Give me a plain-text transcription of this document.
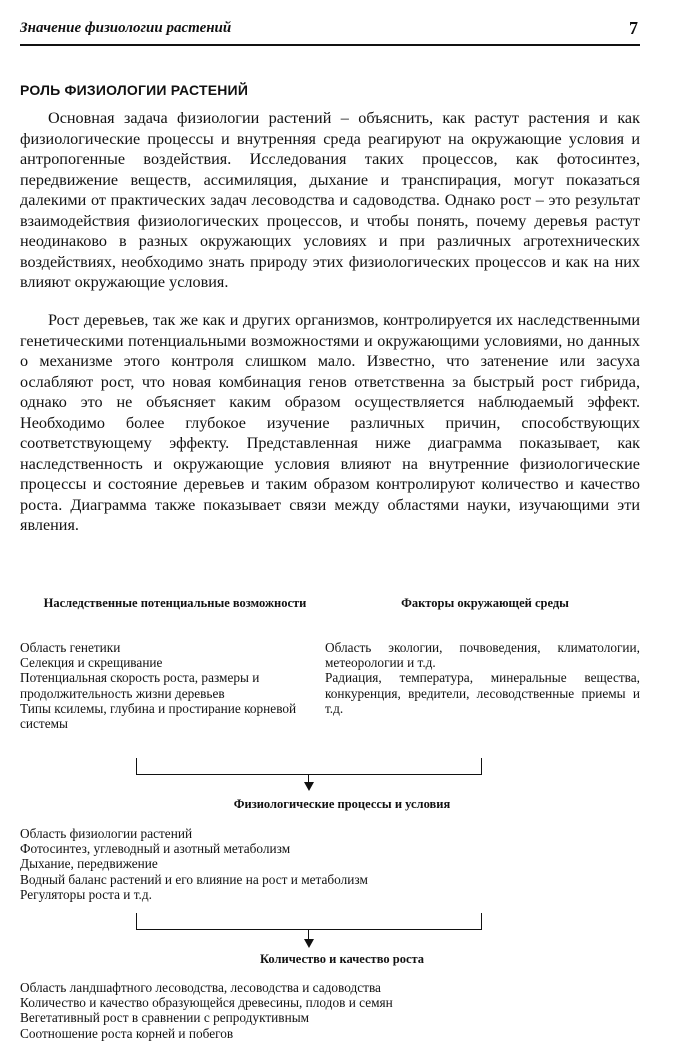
Значение физиологии растений	7
РОЛЬ ФИЗИОЛОГИИ РАСТЕНИЙ

Основная задача физиологии растений – объяснить, как растут растения и как физиологические процессы и внутренняя среда реагируют на окружающие условия и антропогенные воздействия. Исследования таких процессов, как фотосинтез, передвижение веществ, ассимиляция, дыхание и транспирация, могут показаться далекими от практических задач лесоводства и садоводства. Однако рост – это результат взаимодействия физиологических процессов, и чтобы понять, почему деревья растут неодинаково в разных окружающих условиях и при различных агротехнических воздействиях, необходимо знать природу этих физиологических процессов и как на них влияют окружающие условия.

Рост деревьев, так же как и других организмов, контролируется их наследственными генетическими потенциальными возможностями и окружающими условиями, но данных о механизме этого контроля слишком мало. Известно, что затенение или засуха ослабляют рост, что новая комбинация генов ответственна за быстрый рост гибрида, однако это не объясняет каким образом осуществляется наблюдаемый эффект. Необходимо более глубокое изучение различных причин, способствующих соответствующему эффекту. Представленная ниже диаграмма показывает, как наследственность и окружающие условия влияют на внутренние физиологические процессы и состояние деревьев и таким образом контролируют количество и качество роста. Диаграмма также показывает связи между областями науки, изучающими эти явления.

Наследственные потенциальные возможности	Факторы окружающей среды
Область генетики
Селекция и скрещивание
Потенциальная скорость роста, размеры и продолжительность жизни деревьев
Типы ксилемы, глубина и простирание корневой системы
Область экологии, почвоведения, климатологии, метеорологии и т.д.
Радиация, температура, минеральные вещества, конкуренция, вредители, лесоводственные приемы и т.д.
Физиологические процессы и условия
Область физиологии растений
Фотосинтез, углеводный и азотный метаболизм
Дыхание, передвижение
Водный баланс растений и его влияние на рост и метаболизм
Регуляторы роста и т.д.
Количество и качество роста
Область ландшафтного лесоводства, лесоводства и садоводства
Количество и качество образующейся древесины, плодов и семян
Вегетативный рост в сравнении с репродуктивным
Соотношение роста корней и побегов
